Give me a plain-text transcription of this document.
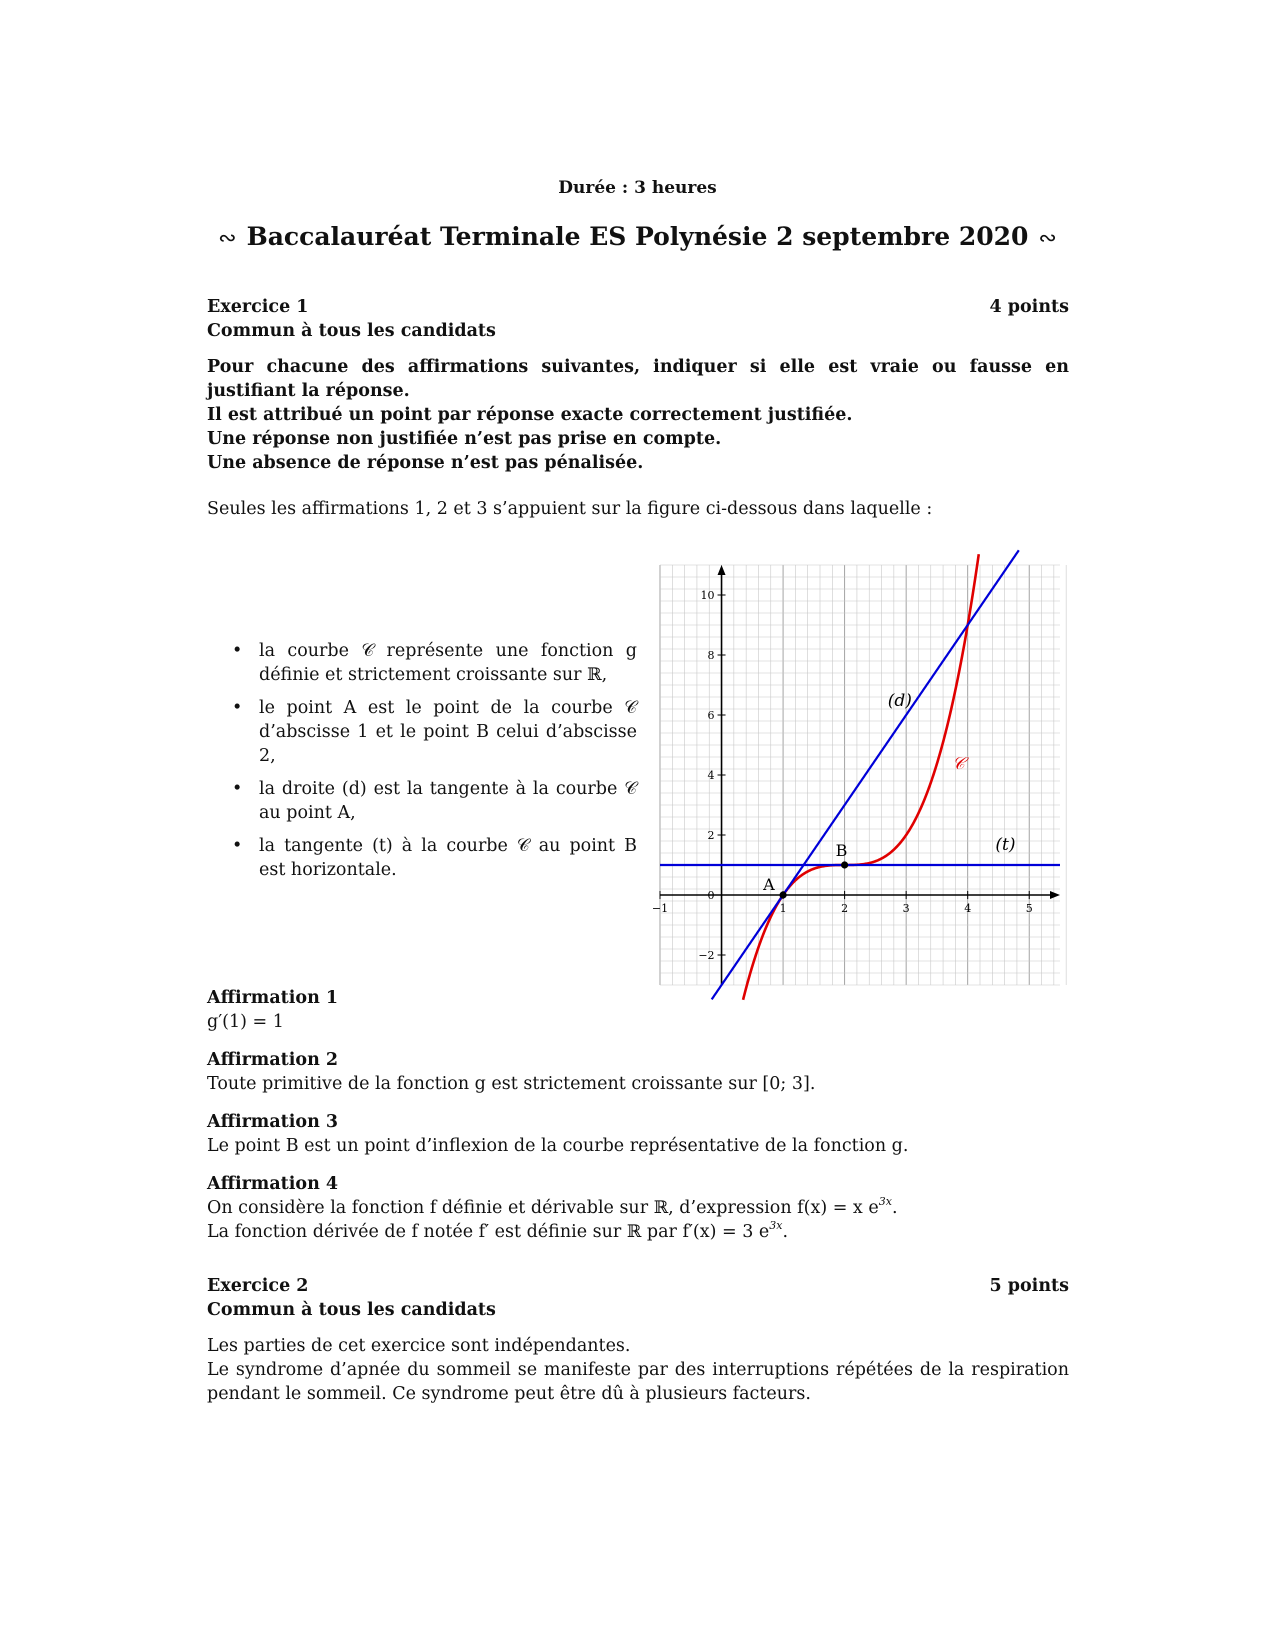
Durée : 3 heures
∾ Baccalauréat Terminale ES Polynésie 2 septembre 2020 ∾
Exercice 1	4 points
Commun à tous les candidats
Pour chacune des affirmations suivantes, indiquer si elle est vraie ou fausse en justifiant la réponse.
Il est attribué un point par réponse exacte correctement justifiée.
Une réponse non justifiée n’est pas prise en compte.
Une absence de réponse n’est pas pénalisée.
Seules les affirmations 1, 2 et 3 s’appuient sur la figure ci-dessous dans laquelle :
• la courbe 𝒞 représente une fonction g définie et strictement croissante sur ℝ,
• le point A est le point de la courbe 𝒞 d’abscisse 1 et le point B celui d’abscisse 2,
• la droite (d) est la tangente à la courbe 𝒞 au point A,
• la tangente (t) à la courbe 𝒞 au point B est horizontale.
−1	1	2	3	4	5
−2
0
2
4
6
8
10
𝒞
(d)
(t)
A
B
Affirmation 1
g′(1) = 1
Affirmation 2
Toute primitive de la fonction g est strictement croissante sur [0; 3].
Affirmation 3
Le point B est un point d’inflexion de la courbe représentative de la fonction g.
Affirmation 4
On considère la fonction f définie et dérivable sur ℝ, d’expression f(x) = x $e^{3x}$.
La fonction dérivée de f notée f′ est définie sur ℝ par f′(x) = 3 $e^{3x}$.
Exercice 2	5 points
Commun à tous les candidats
Les parties de cet exercice sont indépendantes.
Le syndrome d’apnée du sommeil se manifeste par des interruptions répétées de la respiration pendant le sommeil. Ce syndrome peut être dû à plusieurs facteurs.
